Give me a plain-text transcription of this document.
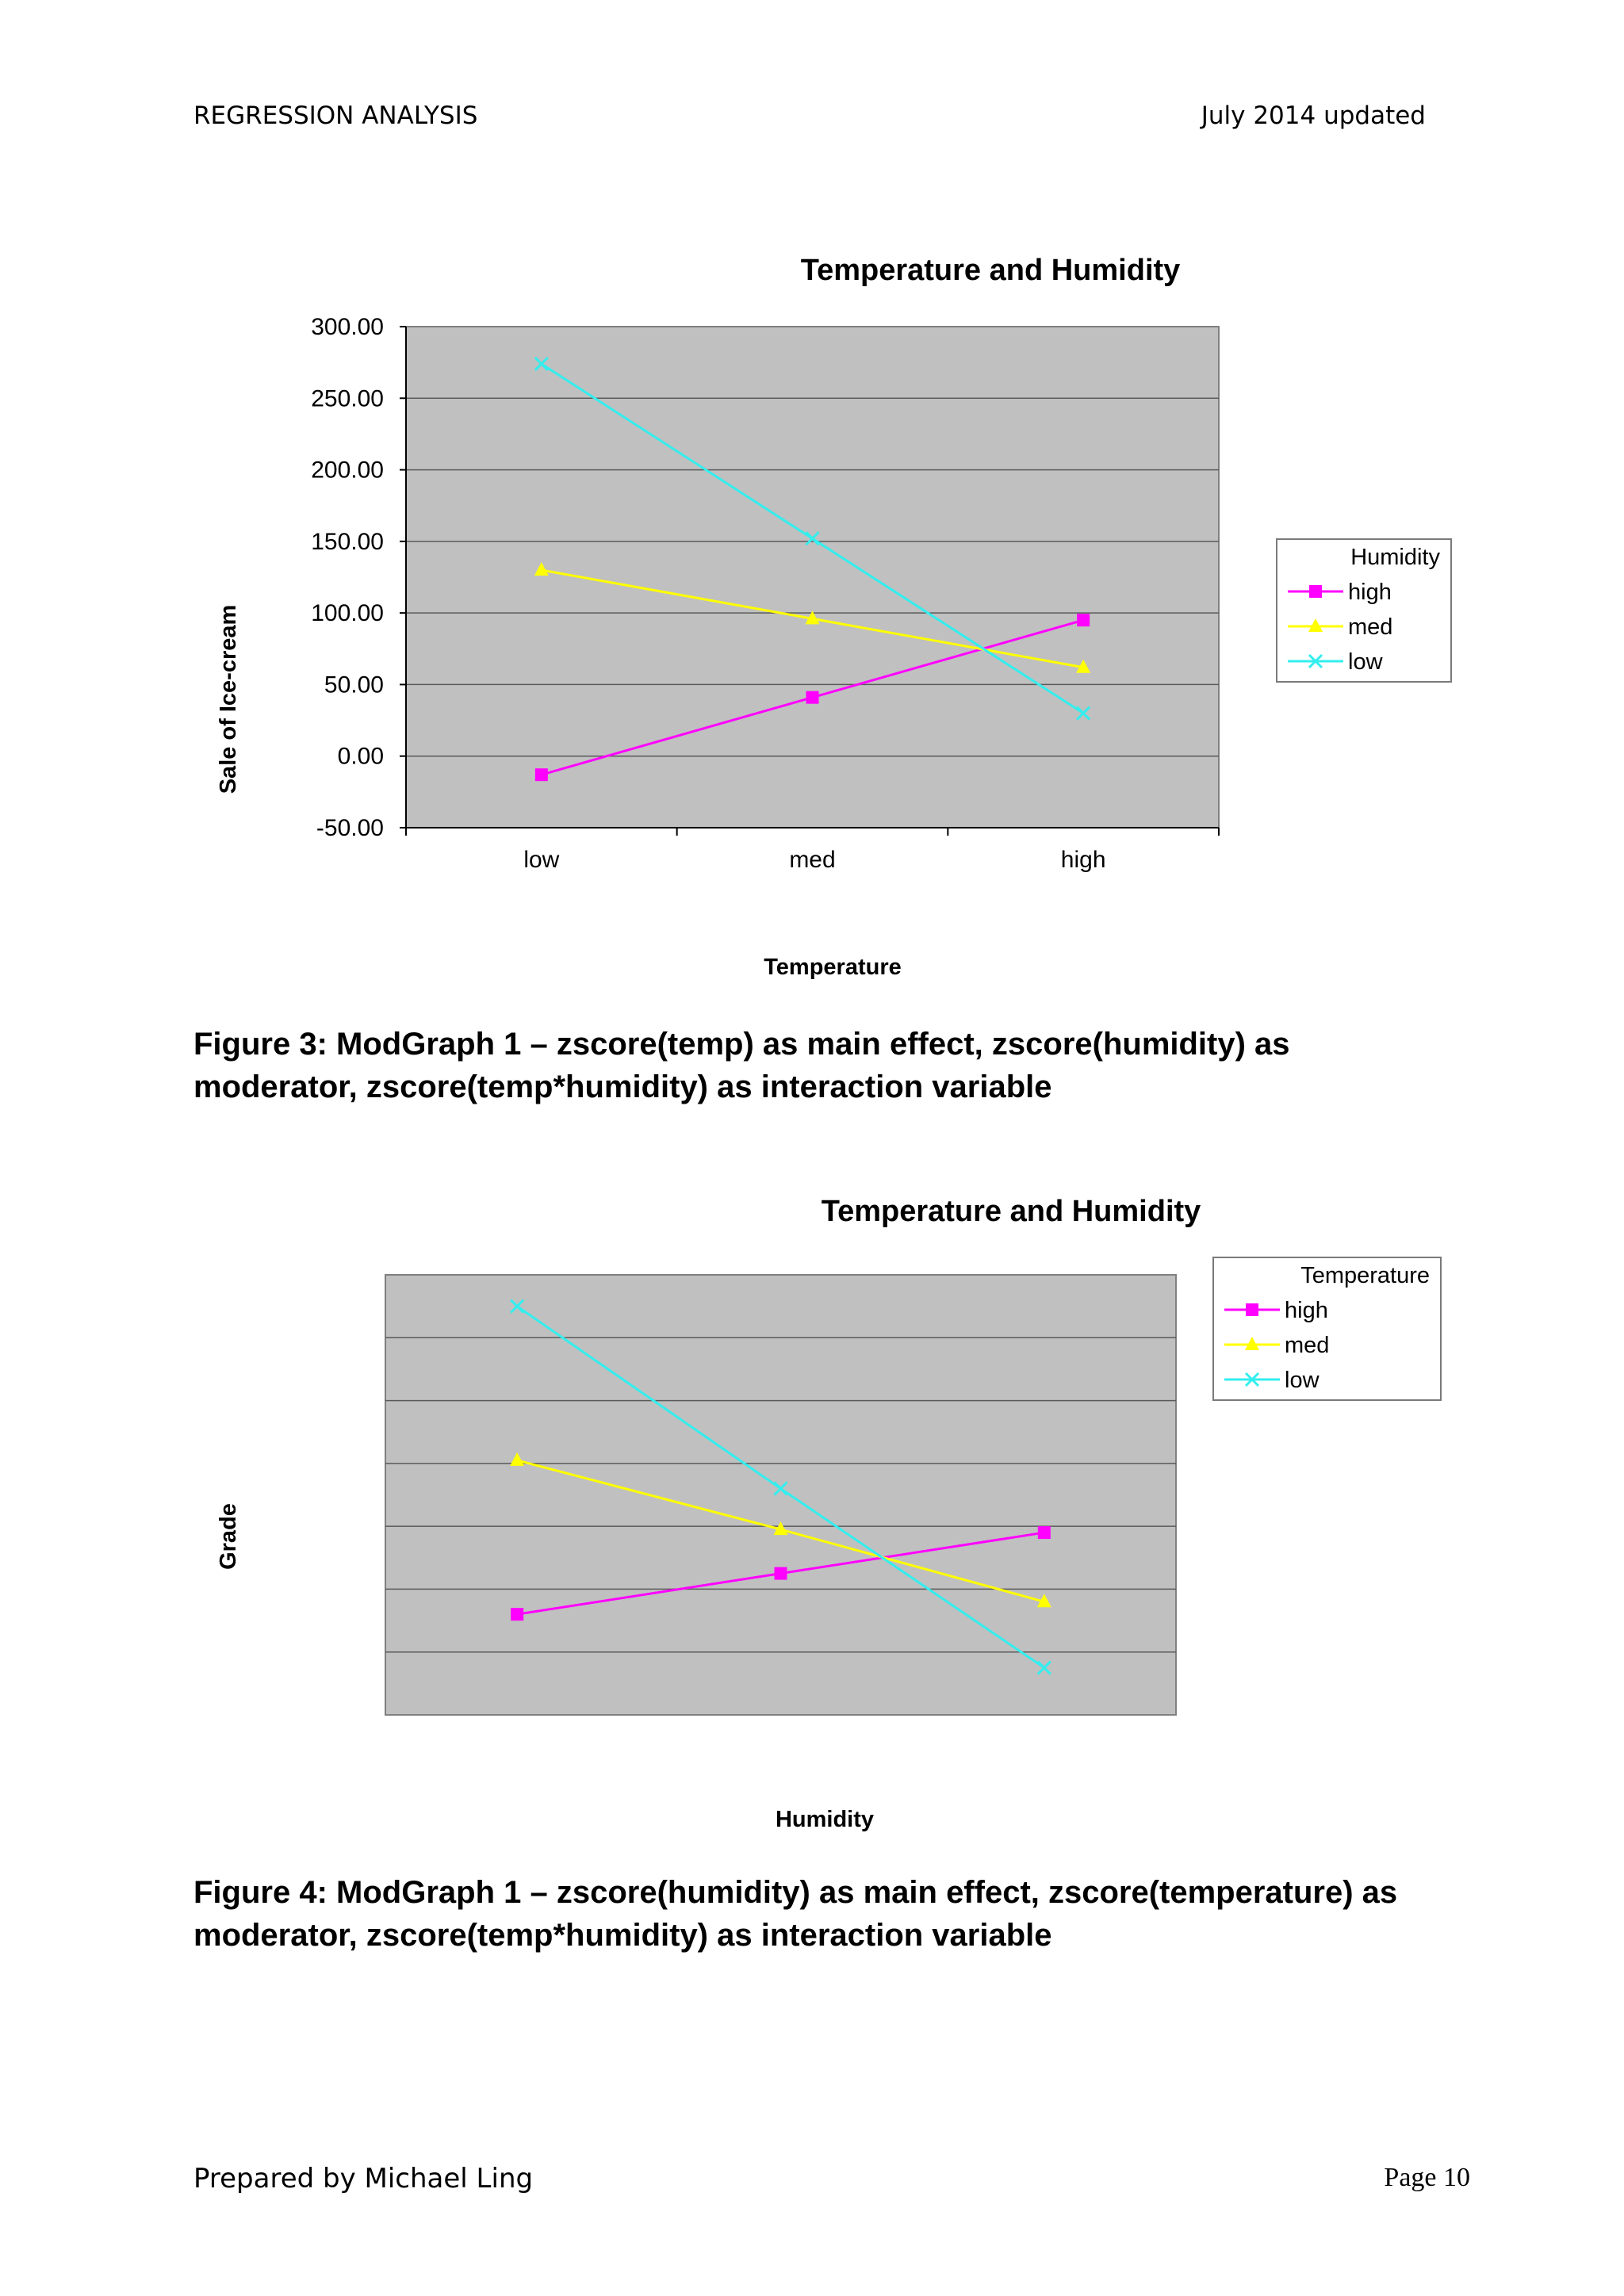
REGRESSION ANALYSIS	July 2014 updated
Temperature and Humidity
300.00
250.00
200.00
150.00
100.00
50.00
0.00
-50.00
low	med	high
Sale of Ice-cream
Temperature
Humidity
high
med
low
Figure 3: ModGraph 1 – zscore(temp) as main effect, zscore(humidity) as
moderator, zscore(temp*humidity) as interaction variable
Temperature and Humidity
Grade
Humidity
Temperature
high
med
low
Figure 4: ModGraph 1 – zscore(humidity) as main effect, zscore(temperature) as
moderator, zscore(temp*humidity) as interaction variable
Prepared by Michael Ling	Page 10
